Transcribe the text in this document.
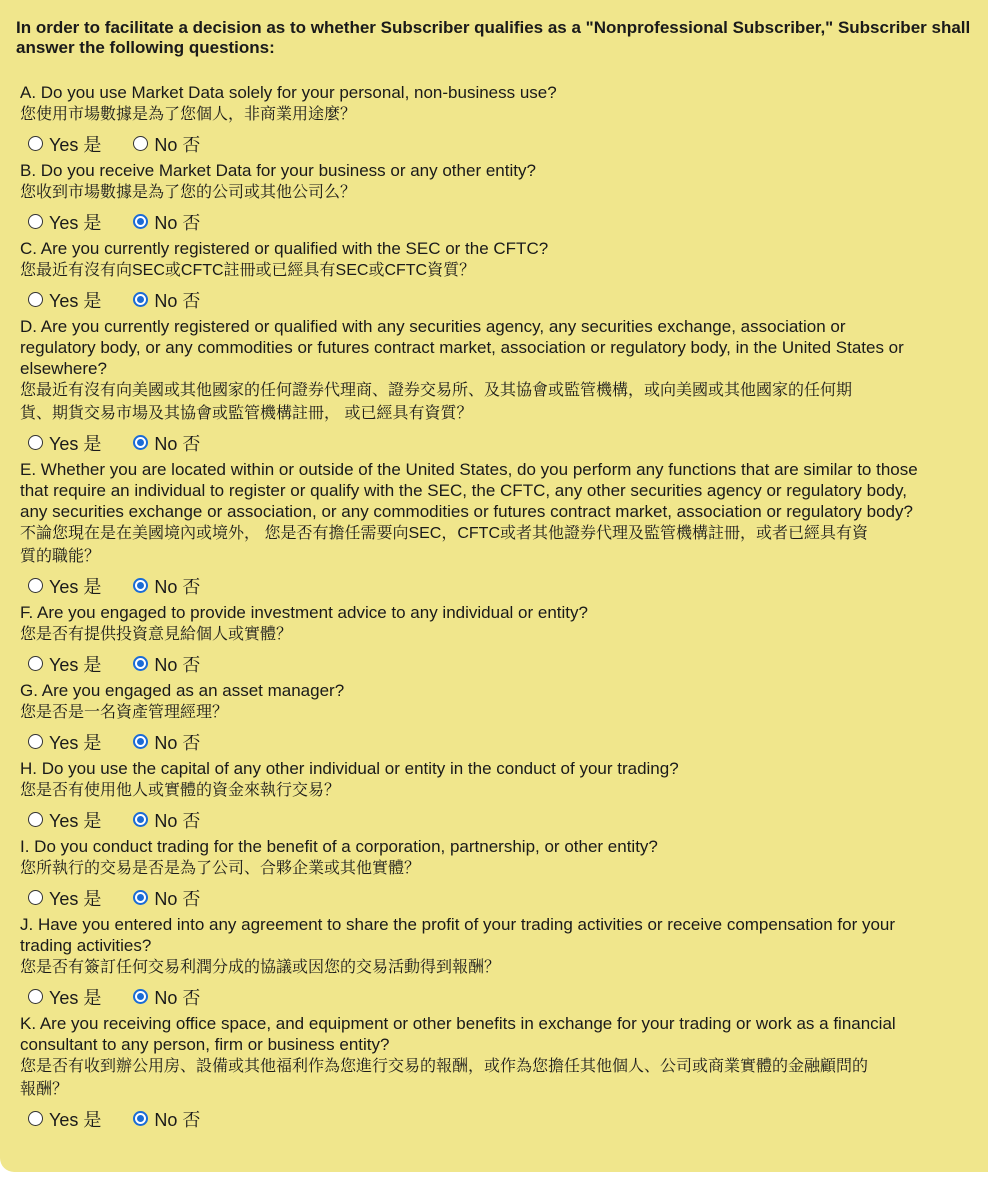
In order to facilitate a decision as to whether Subscriber qualifies as a "Nonprofessional Subscriber," Subscriber shall answer the following questions:
A. Do you use Market Data solely for your personal, non-business use?
您使用市場數據是為了您個人，非商業用途麼？
Yes 是	No 否
B. Do you receive Market Data for your business or any other entity?
您收到市場數據是為了您的公司或其他公司么？
Yes 是	No 否
C. Are you currently registered or qualified with the SEC or the CFTC?
您最近有沒有向SEC或CFTC註冊或已經具有SEC或CFTC資質？
Yes 是	No 否
D. Are you currently registered or qualified with any securities agency, any securities exchange, association or
regulatory body, or any commodities or futures contract market, association or regulatory body, in the United States or
elsewhere?
您最近有沒有向美國或其他國家的任何證券代理商、證券交易所、及其協會或監管機構，或向美國或其他國家的任何期
貨、期貨交易市場及其協會或監管機構註冊， 或已經具有資質？
Yes 是	No 否
E. Whether you are located within or outside of the United States, do you perform any functions that are similar to those
that require an individual to register or qualify with the SEC, the CFTC, any other securities agency or regulatory body,
any securities exchange or association, or any commodities or futures contract market, association or regulatory body?
不論您現在是在美國境內或境外， 您是否有擔任需要向SEC，CFTC或者其他證券代理及監管機構註冊，或者已經具有資
質的職能？
Yes 是	No 否
F. Are you engaged to provide investment advice to any individual or entity?
您是否有提供投資意見給個人或實體？
Yes 是	No 否
G. Are you engaged as an asset manager?
您是否是一名資產管理經理？
Yes 是	No 否
H. Do you use the capital of any other individual or entity in the conduct of your trading?
您是否有使用他人或實體的資金來執行交易？
Yes 是	No 否
I. Do you conduct trading for the benefit of a corporation, partnership, or other entity?
您所執行的交易是否是為了公司、合夥企業或其他實體？
Yes 是	No 否
J. Have you entered into any agreement to share the profit of your trading activities or receive compensation for your
trading activities?
您是否有簽訂任何交易利潤分成的協議或因您的交易活動得到報酬？
Yes 是	No 否
K. Are you receiving office space, and equipment or other benefits in exchange for your trading or work as a financial
consultant to any person, firm or business entity?
您是否有收到辦公用房、設備或其他福利作為您進行交易的報酬，或作為您擔任其他個人、公司或商業實體的金融顧問的
報酬？
Yes 是	No 否
